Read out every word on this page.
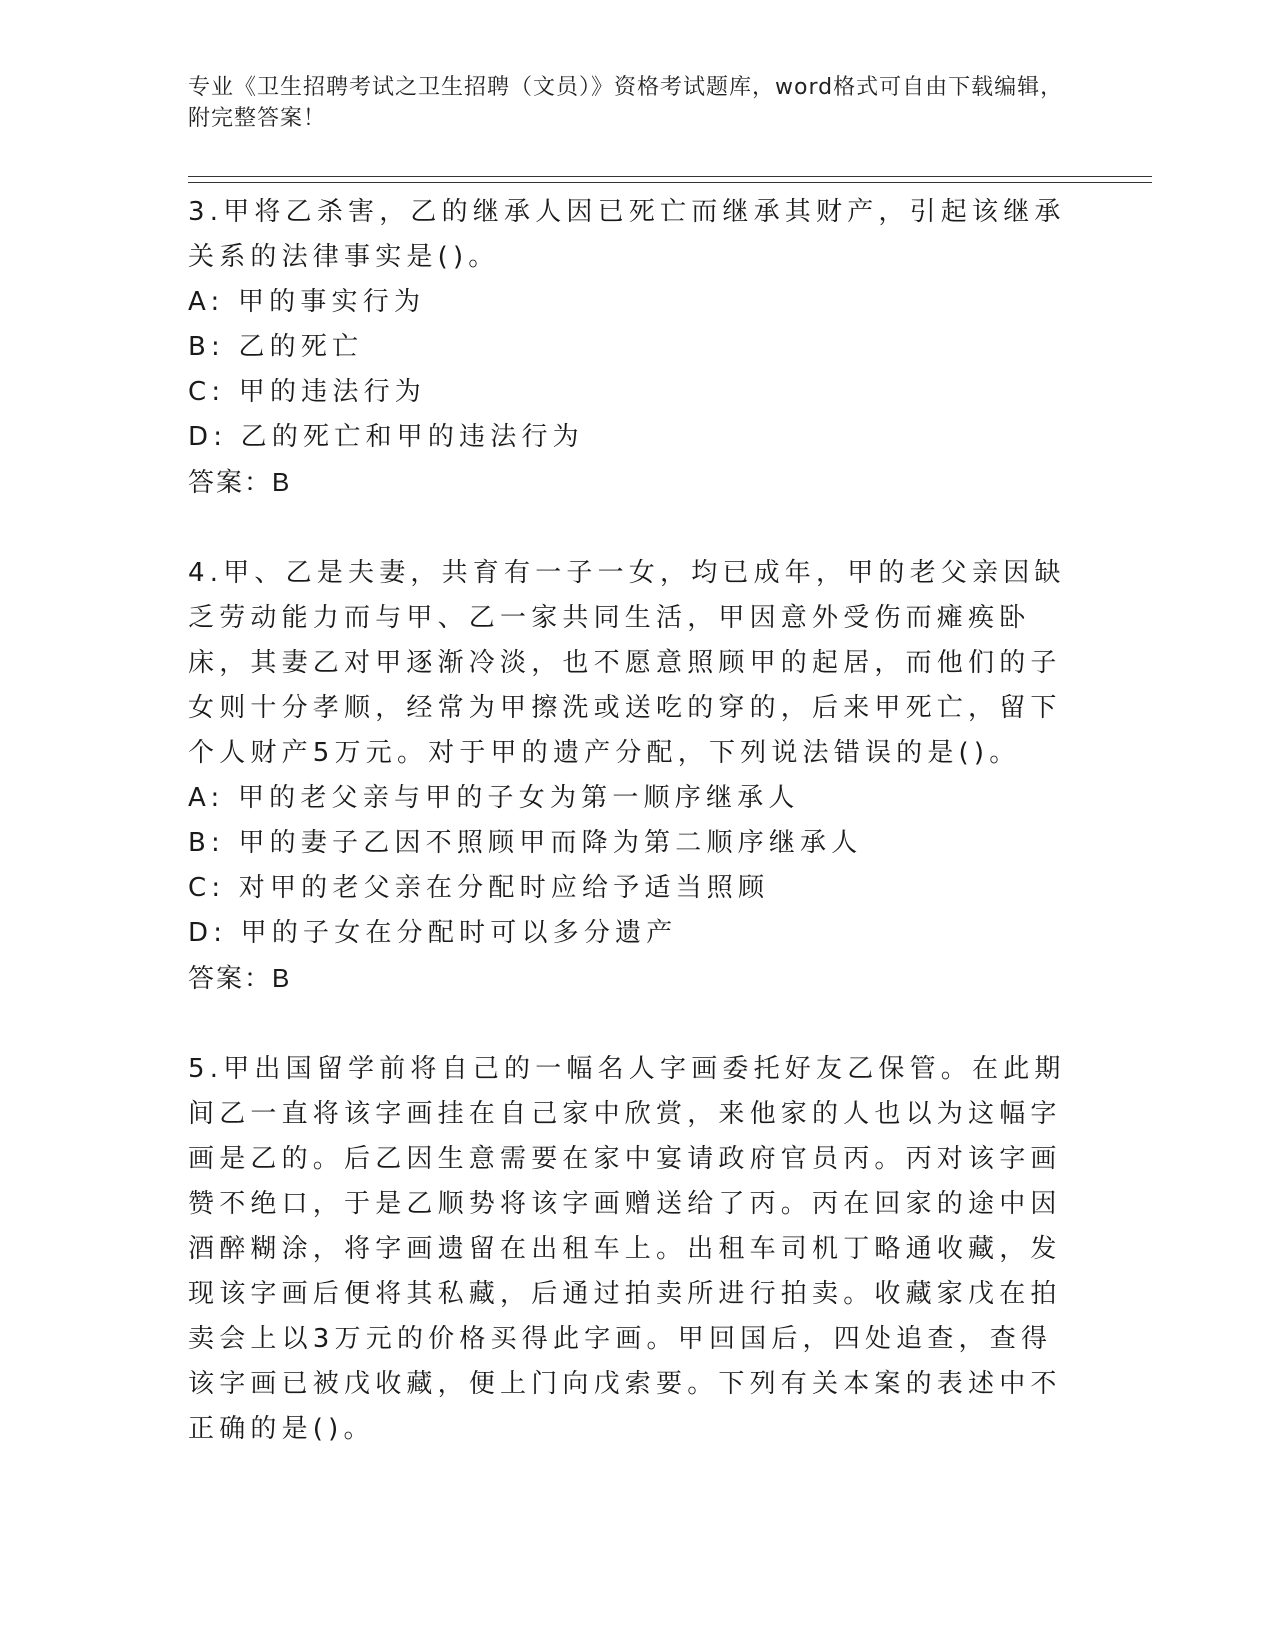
专业《卫生招聘考试之卫生招聘（文员）》资格考试题库，word格式可自由下载编辑，附完整答案！

3.甲将乙杀害，乙的继承人因已死亡而继承其财产，引起该继承关系的法律事实是()。

A: 甲的事实行为

B: 乙的死亡

C: 甲的违法行为

D: 乙的死亡和甲的违法行为

答案：B

4.甲、乙是夫妻，共育有一子一女，均已成年，甲的老父亲因缺乏劳动能力而与甲、乙一家共同生活，甲因意外受伤而瘫痪卧床，其妻乙对甲逐渐冷淡，也不愿意照顾甲的起居，而他们的子女则十分孝顺，经常为甲擦洗或送吃的穿的，后来甲死亡，留下个人财产5万元。对于甲的遗产分配，下列说法错误的是()。

A: 甲的老父亲与甲的子女为第一顺序继承人

B: 甲的妻子乙因不照顾甲而降为第二顺序继承人

C: 对甲的老父亲在分配时应给予适当照顾

D: 甲的子女在分配时可以多分遗产

答案：B

5.甲出国留学前将自己的一幅名人字画委托好友乙保管。在此期间乙一直将该字画挂在自己家中欣赏，来他家的人也以为这幅字画是乙的。后乙因生意需要在家中宴请政府官员丙。丙对该字画赞不绝口，于是乙顺势将该字画赠送给了丙。丙在回家的途中因酒醉糊涂，将字画遗留在出租车上。出租车司机丁略通收藏，发现该字画后便将其私藏，后通过拍卖所进行拍卖。收藏家戊在拍卖会上以3万元的价格买得此字画。甲回国后，四处追查，查得该字画已被戊收藏，便上门向戊索要。下列有关本案的表述中不正确的是()。
